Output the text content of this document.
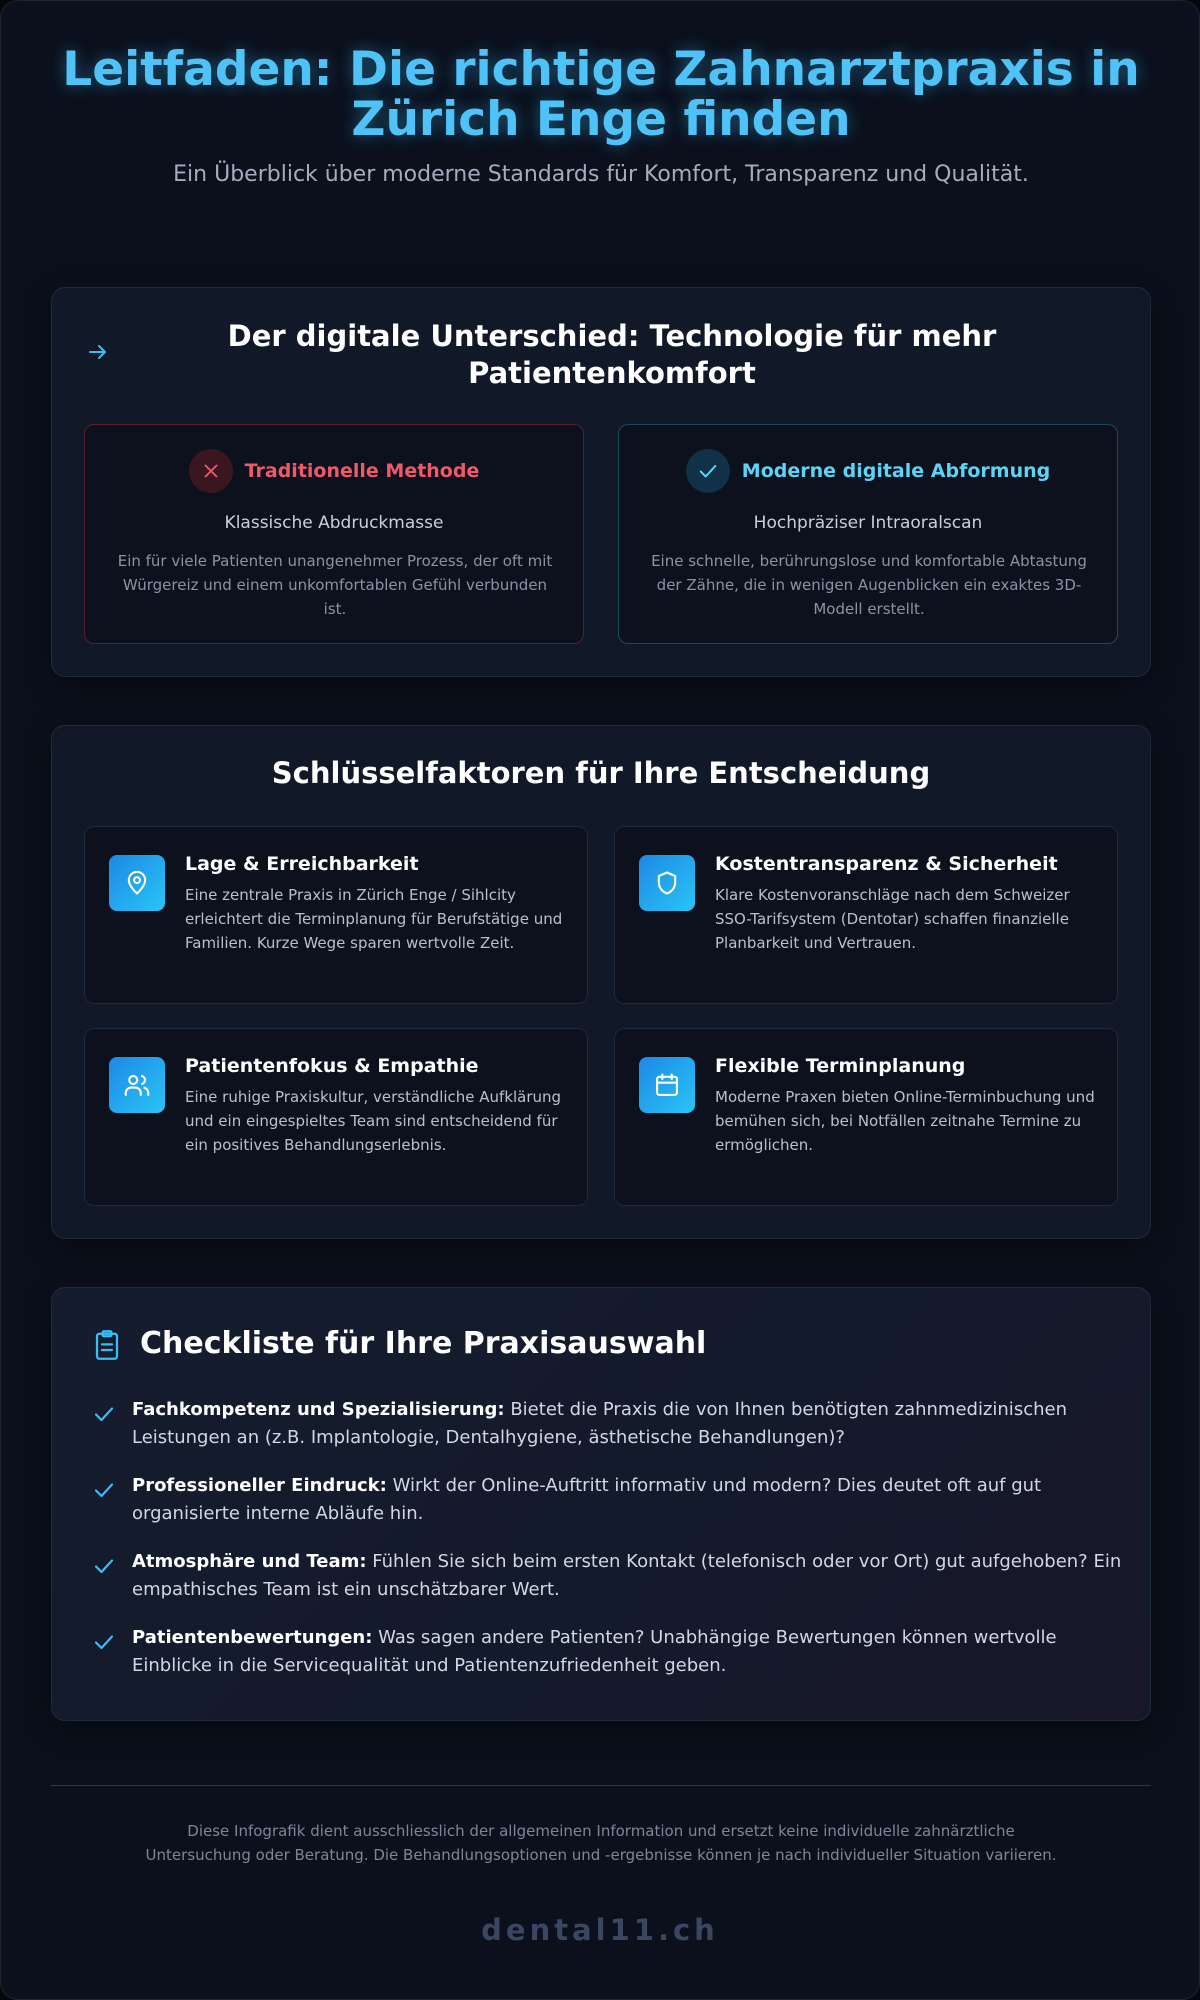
Leitfaden: Die richtige Zahnarztpraxis in Zürich Enge finden

Ein Überblick über moderne Standards für Komfort, Transparenz und Qualität.

Der digitale Unterschied: Technologie für mehr Patientenkomfort
Traditionelle Methode
Klassische Abdruckmasse
Ein für viele Patienten unangenehmer Prozess, der oft mit Würgereiz und einem unkomfortablen Gefühl verbunden ist.
Moderne digitale Abformung
Hochpräziser Intraoralscan
Eine schnelle, berührungslose und komfortable Abtastung der Zähne, die in wenigen Augenblicken ein exaktes 3D-Modell erstellt.
Schlüsselfaktoren für Ihre Entscheidung
Lage & Erreichbarkeit
Eine zentrale Praxis in Zürich Enge / Sihlcity erleichtert die Terminplanung für Berufstätige und Familien. Kurze Wege sparen wertvolle Zeit.
Kostentransparenz & Sicherheit
Klare Kostenvoranschläge nach dem Schweizer SSO-Tarifsystem (Dentotar) schaffen finanzielle Planbarkeit und Vertrauen.
Patientenfokus & Empathie
Eine ruhige Praxiskultur, verständliche Aufklärung und ein eingespieltes Team sind entscheidend für ein positives Behandlungserlebnis.
Flexible Terminplanung
Moderne Praxen bieten Online-Terminbuchung und bemühen sich, bei Notfällen zeitnahe Termine zu ermöglichen.
Checkliste für Ihre Praxisauswahl

Fachkompetenz und Spezialisierung: Bietet die Praxis die von Ihnen benötigten zahnmedizinischen Leistungen an (z.B. Implantologie, Dentalhygiene, ästhetische Behandlungen)?

Professioneller Eindruck: Wirkt der Online-Auftritt informativ und modern? Dies deutet oft auf gut organisierte interne Abläufe hin.

Atmosphäre und Team: Fühlen Sie sich beim ersten Kontakt (telefonisch oder vor Ort) gut aufgehoben? Ein empathisches Team ist ein unschätzbarer Wert.

Patientenbewertungen: Was sagen andere Patienten? Unabhängige Bewertungen können wertvolle Einblicke in die Servicequalität und Patientenzufriedenheit geben.

Diese Infografik dient ausschliesslich der allgemeinen Information und ersetzt keine individuelle zahnärztliche Untersuchung oder Beratung. Die Behandlungsoptionen und -ergebnisse können je nach individueller Situation variieren.

dental11.ch
